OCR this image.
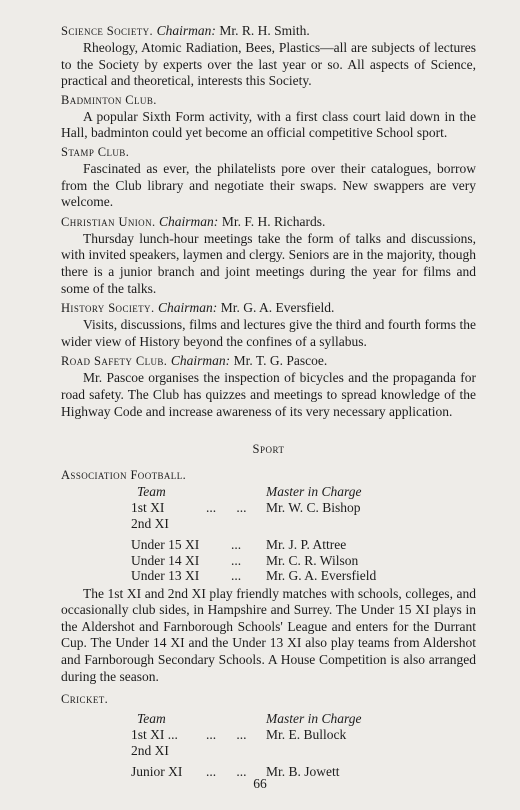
Science Society. Chairman: Mr. R. H. Smith.

Rheology, Atomic Radiation, Bees, Plastics—all are subjects of lectures to the Society by experts over the last year or so. All aspects of Science, practical and theoretical, interests this Society.

Badminton Club.

A popular Sixth Form activity, with a first class court laid down in the Hall, badminton could yet become an official competitive School sport.

Stamp Club.

Fascinated as ever, the philatelists pore over their catalogues, borrow from the Club library and negotiate their swaps. New swappers are very welcome.

Christian Union. Chairman: Mr. F. H. Richards.

Thursday lunch-hour meetings take the form of talks and discussions, with invited speakers, laymen and clergy. Seniors are in the majority, though there is a junior branch and joint meetings during the year for films and some of the talks.

History Society. Chairman: Mr. G. A. Eversfield.

Visits, discussions, films and lectures give the third and fourth forms the wider view of History beyond the confines of a syllabus.

Road Safety Club. Chairman: Mr. T. G. Pascoe.

Mr. Pascoe organises the inspection of bicycles and the propaganda for road safety. The Club has quizzes and meetings to spread knowledge of the Highway Code and increase awareness of its very necessary application.

Sport
Association Football.
Team		Master in Charge
1st XI	...      ...	Mr. W. C. Bishop
2nd XI		
Under 15 XI	...	Mr. J. P. Attree
Under 14 XI	...	Mr. C. R. Wilson
Under 13 XI	...	Mr. G. A. Eversfield

The 1st XI and 2nd XI play friendly matches with schools, colleges, and occasionally club sides, in Hampshire and Surrey. The Under 15 XI plays in the Aldershot and Farnborough Schools' League and enters for the Durrant Cup. The Under 14 XI and the Under 13 XI also play teams from Aldershot and Farnborough Secondary Schools. A House Competition is also arranged during the season.

Cricket.
Team		Master in Charge
1st XI ...	...      ...	Mr. E. Bullock
2nd XI		
Junior XI	...      ...	Mr. B. Jowett
66
